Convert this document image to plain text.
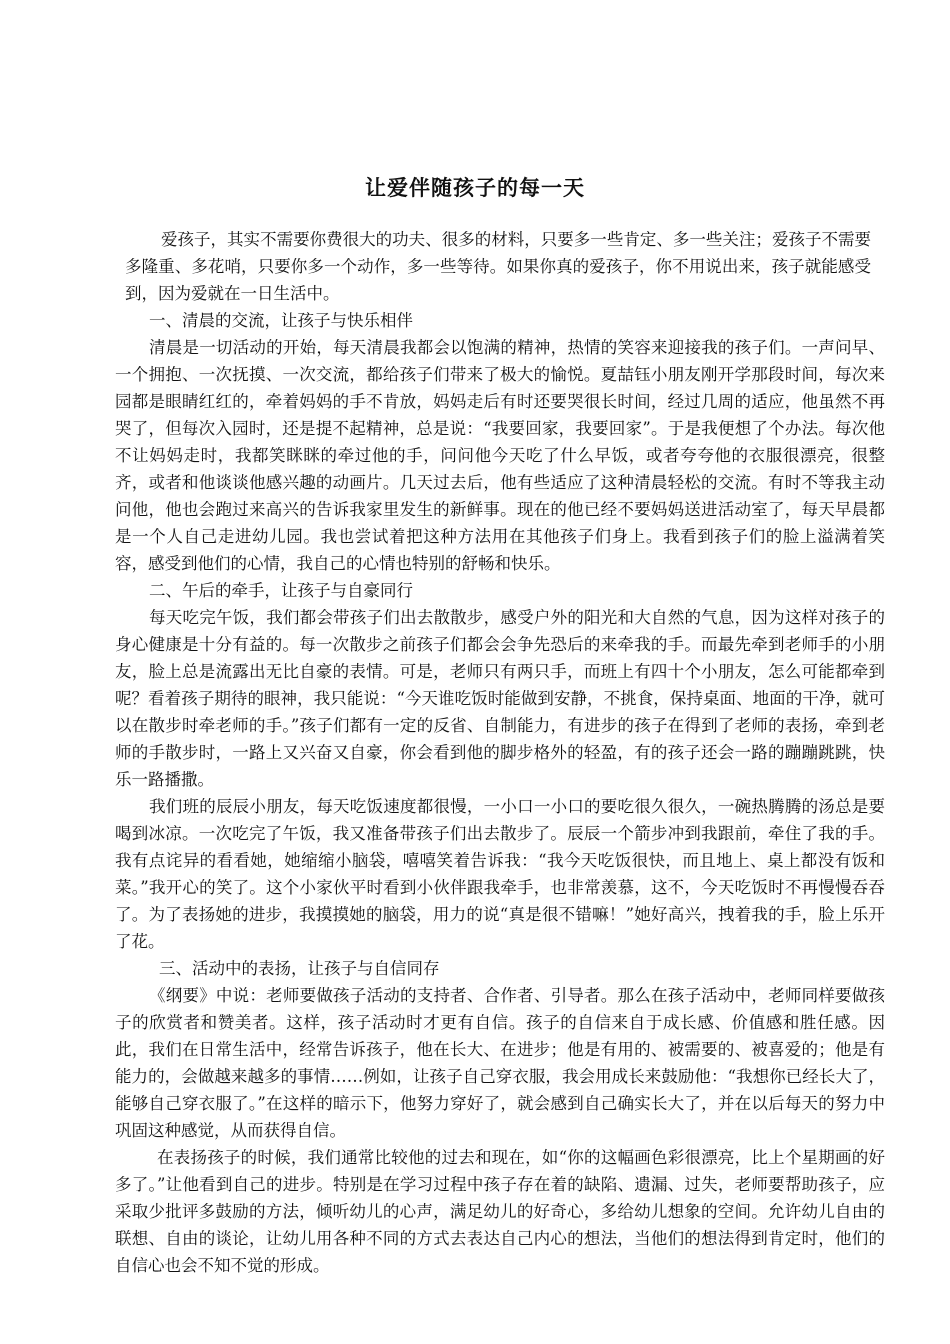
让爱伴随孩子的每一天

爱孩子，其实不需要你费很大的功夫、很多的材料，只要多一些肯定、多一些关注；爱孩子不需要多隆重、多花哨，只要你多一个动作，多一些等待。如果你真的爱孩子，你不用说出来，孩子就能感受到，因为爱就在一日生活中。

一、清晨的交流，让孩子与快乐相伴

清晨是一切活动的开始，每天清晨我都会以饱满的精神，热情的笑容来迎接我的孩子们。一声问早、一个拥抱、一次抚摸、一次交流，都给孩子们带来了极大的愉悦。夏喆钰小朋友刚开学那段时间，每次来园都是眼睛红红的，牵着妈妈的手不肯放，妈妈走后有时还要哭很长时间，经过几周的适应，他虽然不再哭了，但每次入园时，还是提不起精神，总是说：“我要回家，我要回家”。于是我便想了个办法。每次他不让妈妈走时，我都笑眯眯的牵过他的手，问问他今天吃了什么早饭，或者夸夸他的衣服很漂亮，很整齐，或者和他谈谈他感兴趣的动画片。几天过去后，他有些适应了这种清晨轻松的交流。有时不等我主动问他，他也会跑过来高兴的告诉我家里发生的新鲜事。现在的他已经不要妈妈送进活动室了，每天早晨都是一个人自己走进幼儿园。我也尝试着把这种方法用在其他孩子们身上。我看到孩子们的脸上溢满着笑容，感受到他们的心情，我自己的心情也特别的舒畅和快乐。

二、午后的牵手，让孩子与自豪同行

每天吃完午饭，我们都会带孩子们出去散散步，感受户外的阳光和大自然的气息，因为这样对孩子的身心健康是十分有益的。每一次散步之前孩子们都会会争先恐后的来牵我的手。而最先牵到老师手的小朋友，脸上总是流露出无比自豪的表情。可是，老师只有两只手，而班上有四十个小朋友，怎么可能都牵到呢？看着孩子期待的眼神，我只能说：“今天谁吃饭时能做到安静，不挑食，保持桌面、地面的干净，就可以在散步时牵老师的手。”孩子们都有一定的反省、自制能力，有进步的孩子在得到了老师的表扬，牵到老师的手散步时，一路上又兴奋又自豪，你会看到他的脚步格外的轻盈，有的孩子还会一路的蹦蹦跳跳，快乐一路播撒。

我们班的辰辰小朋友，每天吃饭速度都很慢，一小口一小口的要吃很久很久，一碗热腾腾的汤总是要喝到冰凉。一次吃完了午饭，我又准备带孩子们出去散步了。辰辰一个箭步冲到我跟前，牵住了我的手。我有点诧异的看看她，她缩缩小脑袋，嘻嘻笑着告诉我：“我今天吃饭很快，而且地上、桌上都没有饭和菜。”我开心的笑了。这个小家伙平时看到小伙伴跟我牵手，也非常羡慕，这不，今天吃饭时不再慢慢吞吞了。为了表扬她的进步，我摸摸她的脑袋，用力的说“真是很不错嘛！”她好高兴，拽着我的手，脸上乐开了花。

三、活动中的表扬，让孩子与自信同存

《纲要》中说：老师要做孩子活动的支持者、合作者、引导者。那么在孩子活动中，老师同样要做孩子的欣赏者和赞美者。这样，孩子活动时才更有自信。孩子的自信来自于成长感、价值感和胜任感。因此，我们在日常生活中，经常告诉孩子，他在长大、在进步；他是有用的、被需要的、被喜爱的；他是有能力的，会做越来越多的事情……例如，让孩子自己穿衣服，我会用成长来鼓励他：“我想你已经长大了，能够自己穿衣服了。”在这样的暗示下，他努力穿好了，就会感到自己确实长大了，并在以后每天的努力中巩固这种感觉，从而获得自信。

在表扬孩子的时候，我们通常比较他的过去和现在，如“你的这幅画色彩很漂亮，比上个星期画的好多了。”让他看到自己的进步。特别是在学习过程中孩子存在着的缺陷、遗漏、过失，老师要帮助孩子，应采取少批评多鼓励的方法，倾听幼儿的心声，满足幼儿的好奇心，多给幼儿想象的空间。允许幼儿自由的联想、自由的谈论，让幼儿用各种不同的方式去表达自己内心的想法，当他们的想法得到肯定时，他们的自信心也会不知不觉的形成。
